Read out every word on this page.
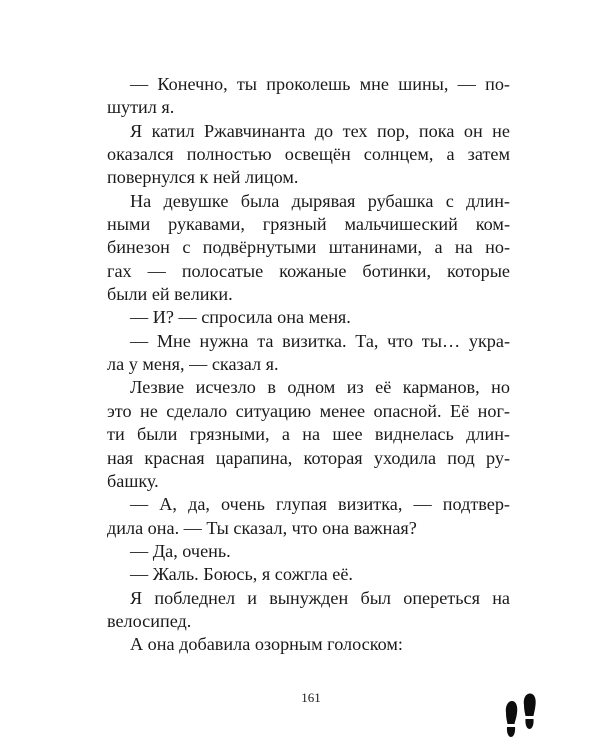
— Конечно, ты проколешь мне шины, — по-
шутил я.
Я катил Ржавчинанта до тех пор, пока он не
оказался полностью освещён солнцем, а затем
повернулся к ней лицом.
На девушке была дырявая рубашка с длин-
ными рукавами, грязный мальчишеский ком-
бинезон с подвёрнутыми штанинами, а на но-
гах — полосатые кожаные ботинки, которые
были ей велики.
— И? — спросила она меня.
— Мне нужна та визитка. Та, что ты… укра-
ла у меня, — сказал я.
Лезвие исчезло в одном из её карманов, но
это не сделало ситуацию менее опасной. Её ног-
ти были грязными, а на шее виднелась длин-
ная красная царапина, которая уходила под ру-
башку.
— А, да, очень глупая визитка, — подтвер-
дила она. — Ты сказал, что она важная?
— Да, очень.
— Жаль. Боюсь, я сожгла её.
Я побледнел и вынужден был опереться на
велосипед.
А она добавила озорным голоском:
161
